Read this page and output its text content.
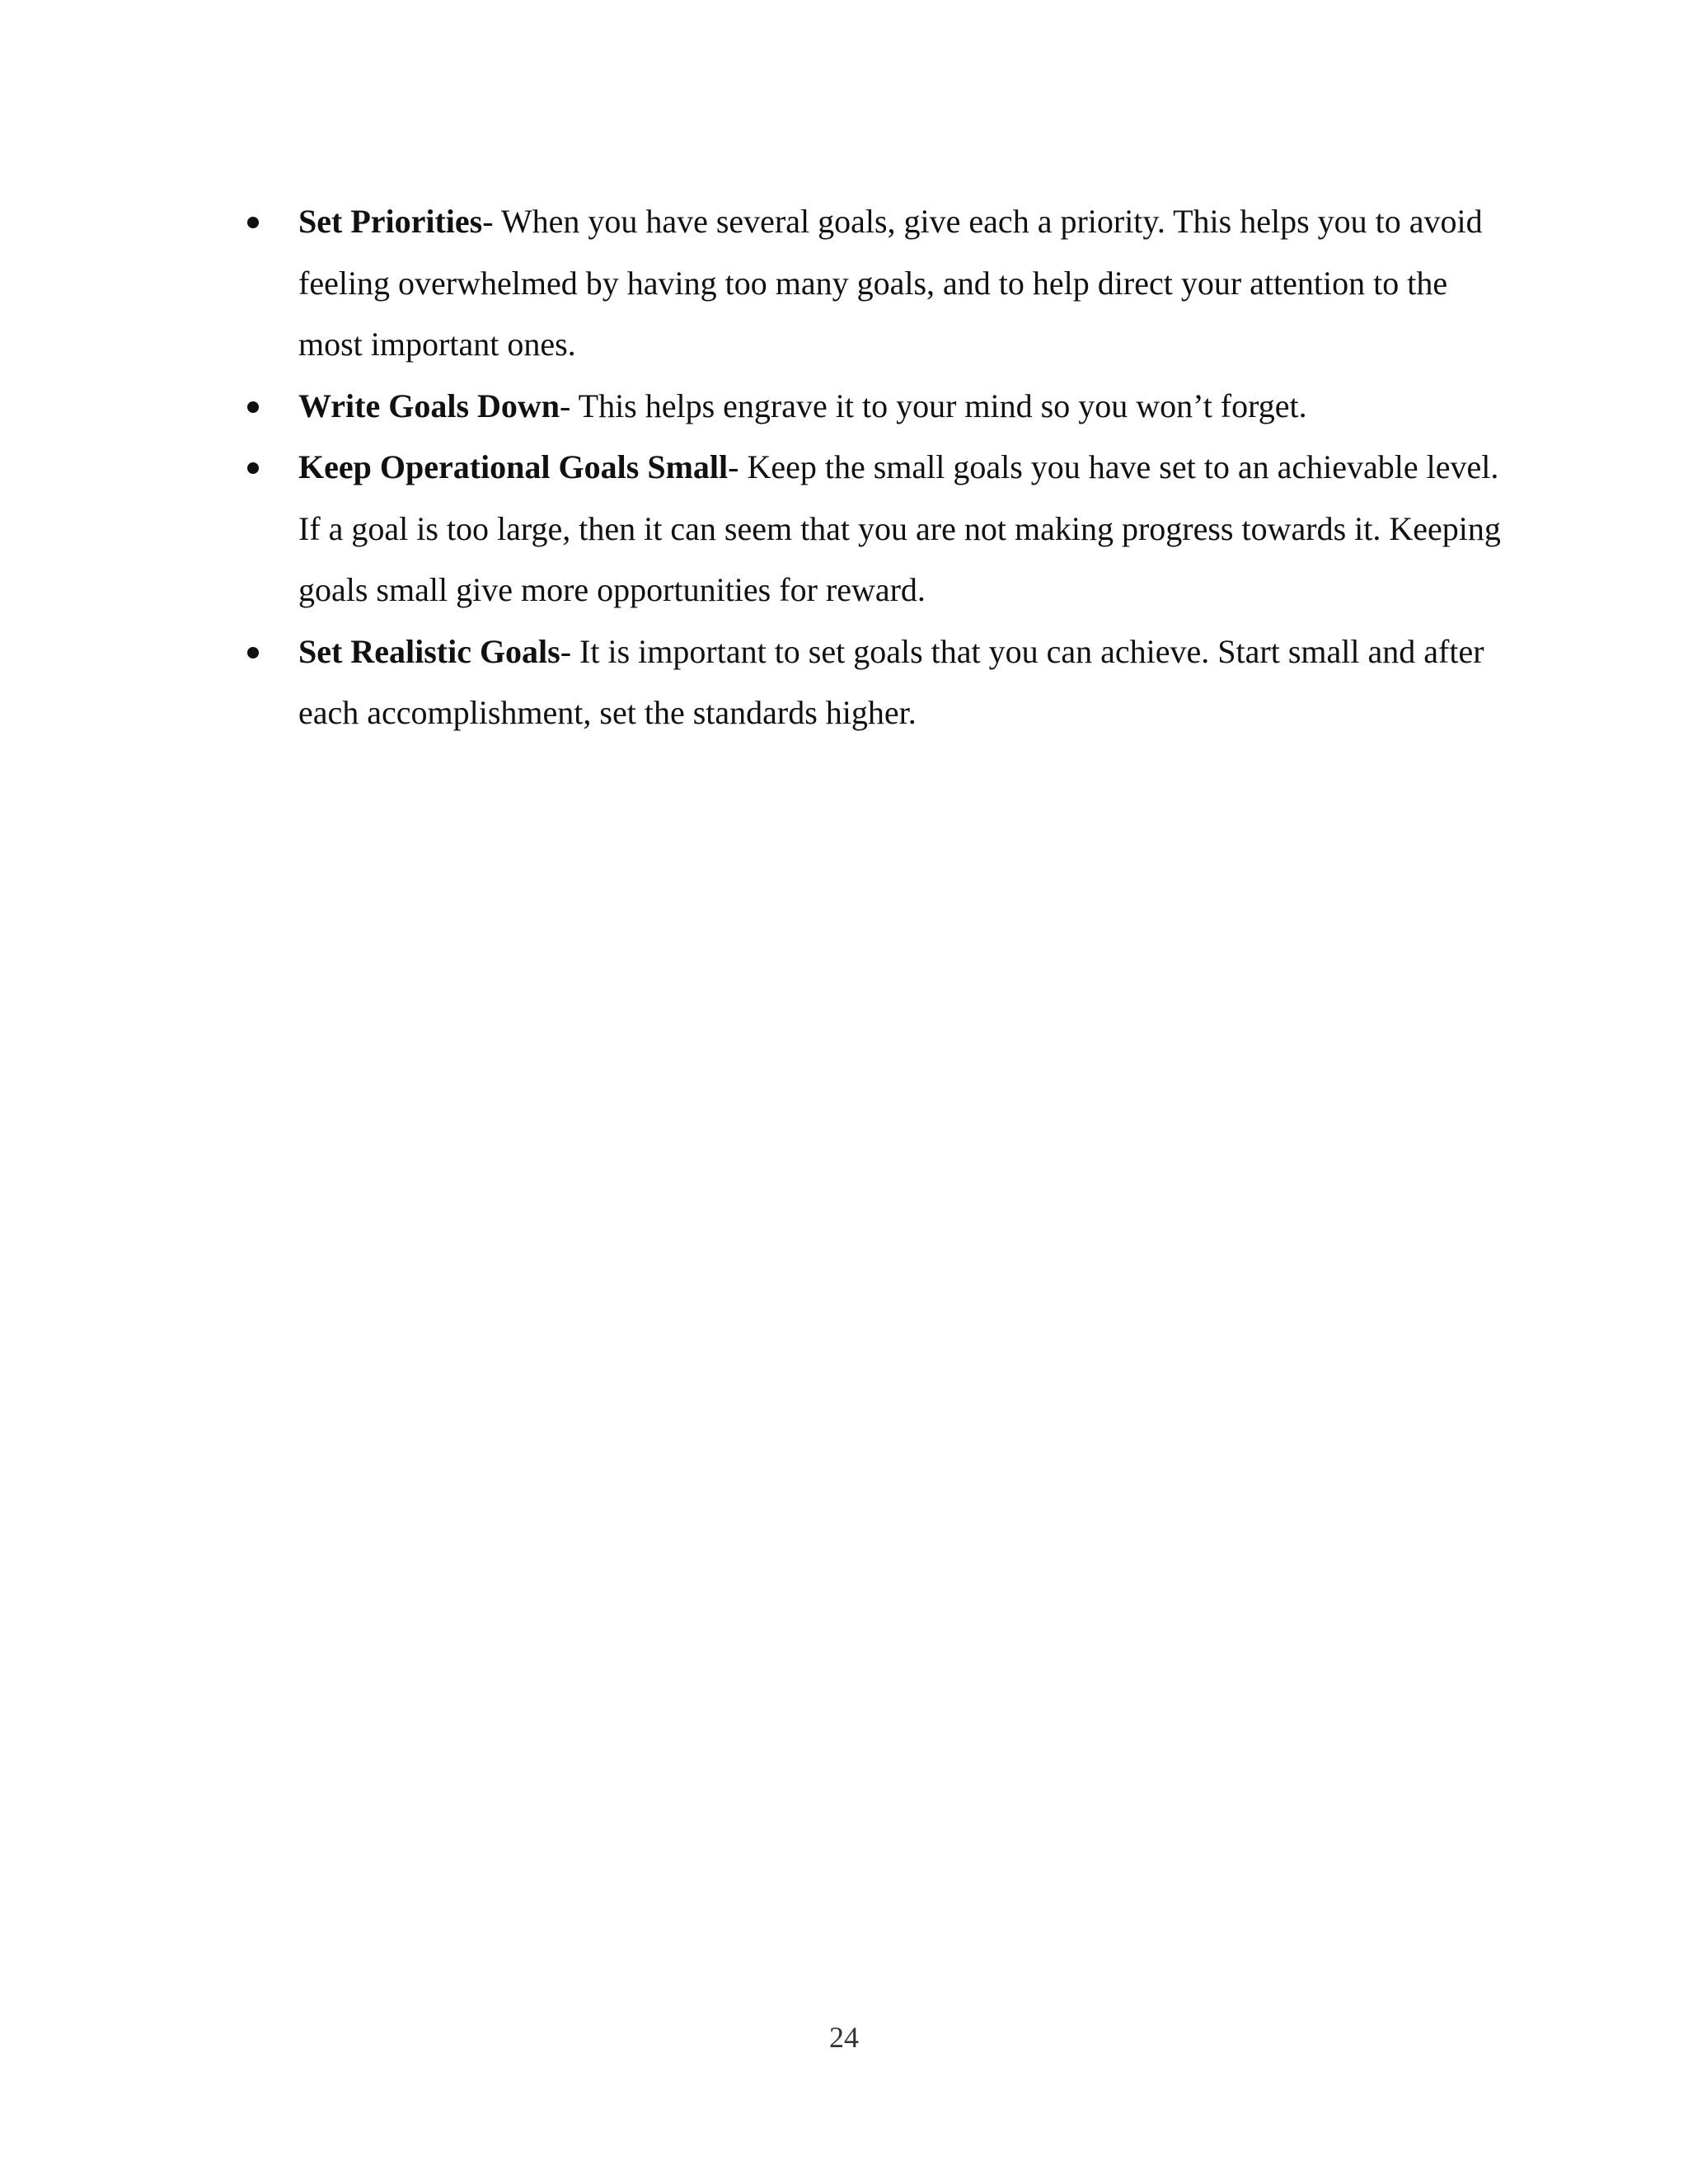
Set Priorities- When you have several goals, give each a priority. This helps you to avoid feeling overwhelmed by having too many goals, and to help direct your attention to the most important ones.
Write Goals Down- This helps engrave it to your mind so you won’t forget.
Keep Operational Goals Small- Keep the small goals you have set to an achievable level. If a goal is too large, then it can seem that you are not making progress towards it. Keeping goals small give more opportunities for reward.
Set Realistic Goals- It is important to set goals that you can achieve. Start small and after each accomplishment, set the standards higher.
24
